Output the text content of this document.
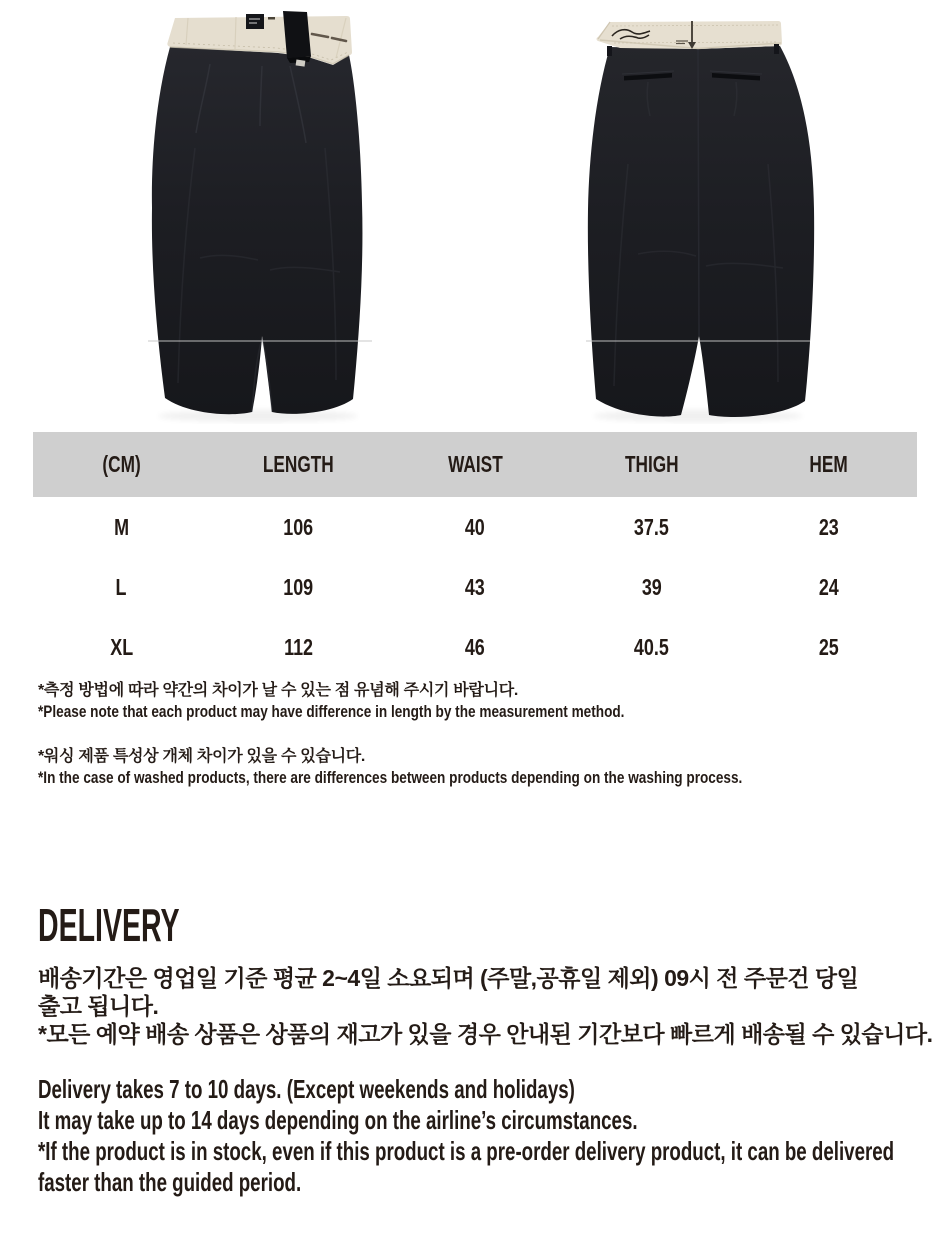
(CM)	LENGTH	WAIST	THIGH	HEM
M	106	40	37.5	23
L	109	43	39	24
XL	112	46	40.5	25
*측정 방법에 따라 약간의 차이가 날 수 있는 점 유념해 주시기 바랍니다.
*Please note that each product may have difference in length by the measurement method.
*워싱 제품 특성상 개체 차이가 있을 수 있습니다.
*In the case of washed products, there are differences between products depending on the washing process.
DELIVERY
배송기간은 영업일 기준 평균 2~4일 소요되며 (주말,공휴일 제외) 09시 전 주문건 당일
출고 됩니다.
*모든 예약 배송 상품은 상품의 재고가 있을 경우 안내된 기간보다 빠르게 배송될 수 있습니다.
Delivery takes 7 to 10 days. (Except weekends and holidays)
It may take up to 14 days depending on the airline’s circumstances.
*If the product is in stock, even if this product is a pre-order delivery product, it can be delivered
faster than the guided period.
